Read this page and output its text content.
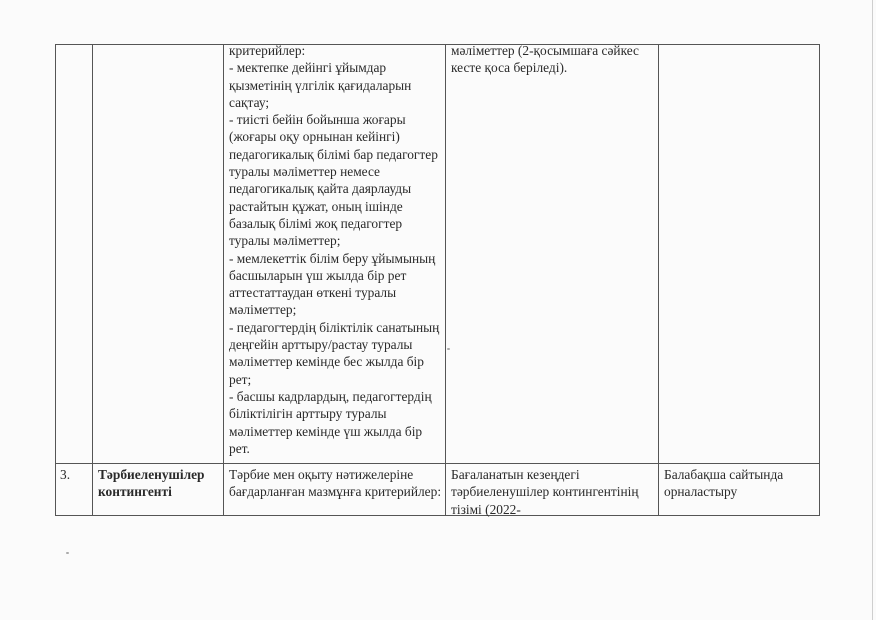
критерийлер:
- мектепке дейінгі ұйымдар қызметінің үлгілік қағидаларын сақтау;
- тиісті бейін бойынша жоғары (жоғары оқу орнынан кейінгі) педагогикалық білімі бар педагогтер туралы мәліметтер немесе педагогикалық қайта даярлауды растайтын құжат, оның ішінде базалық білімі жоқ педагогтер туралы мәліметтер;
- мемлекеттік білім беру ұйымының басшыларын үш жылда бір рет аттестаттаудан өткені туралы мәліметтер;
- педагогтердің біліктілік санатының деңгейін арттыру/растау туралы мәліметтер кемінде бес жылда бір рет;
- басшы кадрлардың, педагогтердің біліктілігін арттыру туралы мәліметтер кемінде үш жылда бір рет.
мәліметтер (2-қосымшаға сәйкес кесте қоса беріледі).
3.	Тәрбиеленушілер контингенті
Тәрбие мен оқыту нәтижелеріне бағдарланған мазмұнға критерийлер:
Бағаланатын кезеңдегі тәрбиеленушілер контингентінің тізімі (2022-
Балабақша сайтында орналастыру
